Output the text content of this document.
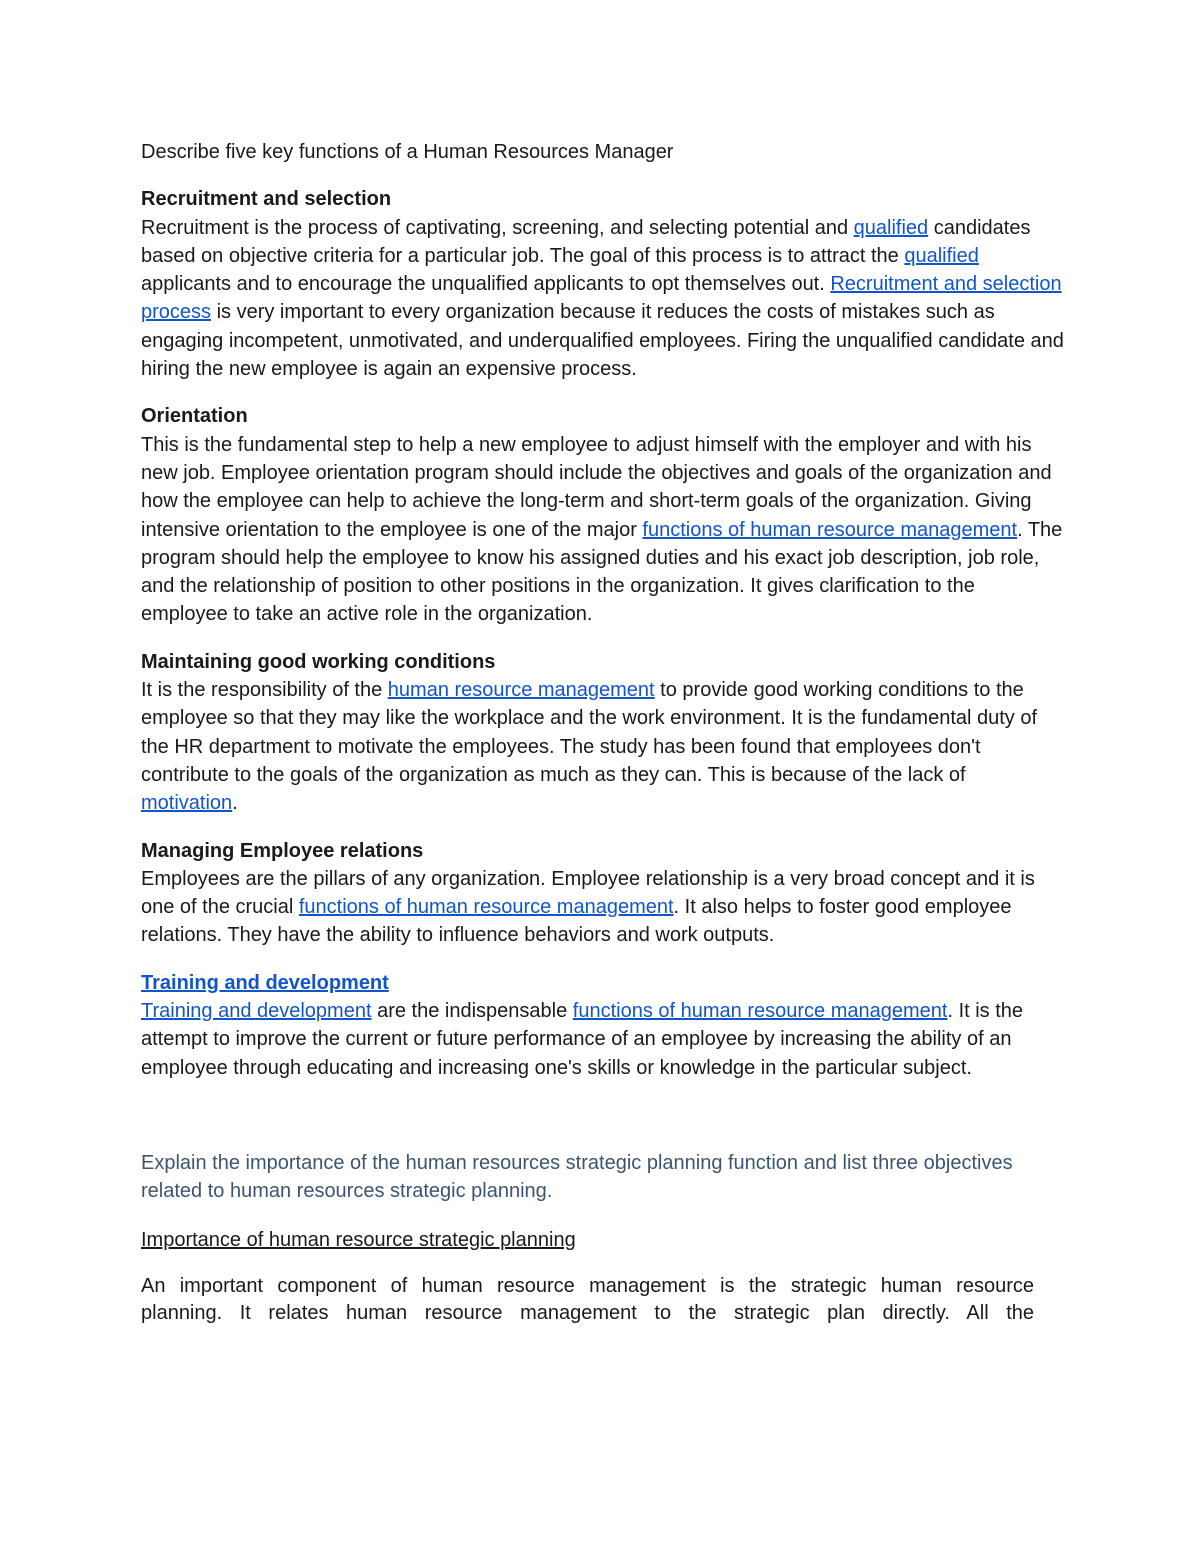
Describe five key functions of a Human Resources Manager

Recruitment and selection

Recruitment is the process of captivating, screening, and selecting potential and qualified candidates based on objective criteria for a particular job. The goal of this process is to attract the qualified applicants and to encourage the unqualified applicants to opt themselves out. Recruitment and selection process is very important to every organization because it reduces the costs of mistakes such as engaging incompetent, unmotivated, and underqualified employees. Firing the unqualified candidate and hiring the new employee is again an expensive process.

Orientation

This is the fundamental step to help a new employee to adjust himself with the employer and with his new job. Employee orientation program should include the objectives and goals of the organization and how the employee can help to achieve the long-term and short-term goals of the organization. Giving intensive orientation to the employee is one of the major functions of human resource management. The program should help the employee to know his assigned duties and his exact job description, job role, and the relationship of position to other positions in the organization. It gives clarification to the employee to take an active role in the organization.

Maintaining good working conditions

It is the responsibility of the human resource management to provide good working conditions to the employee so that they may like the workplace and the work environment. It is the fundamental duty of the HR department to motivate the employees. The study has been found that employees don't contribute to the goals of the organization as much as they can. This is because of the lack of motivation.

Managing Employee relations

Employees are the pillars of any organization. Employee relationship is a very broad concept and it is one of the crucial functions of human resource management. It also helps to foster good employee relations. They have the ability to influence behaviors and work outputs.

Training and development

Training and development are the indispensable functions of human resource management. It is the attempt to improve the current or future performance of an employee by increasing the ability of an employee through educating and increasing one's skills or knowledge in the particular subject.

Explain the importance of the human resources strategic planning function and list three objectives related to human resources strategic planning.

Importance of human resource strategic planning

An important component of human resource management is the strategic human resource

planning. It relates human resource management to the strategic plan directly. All the
